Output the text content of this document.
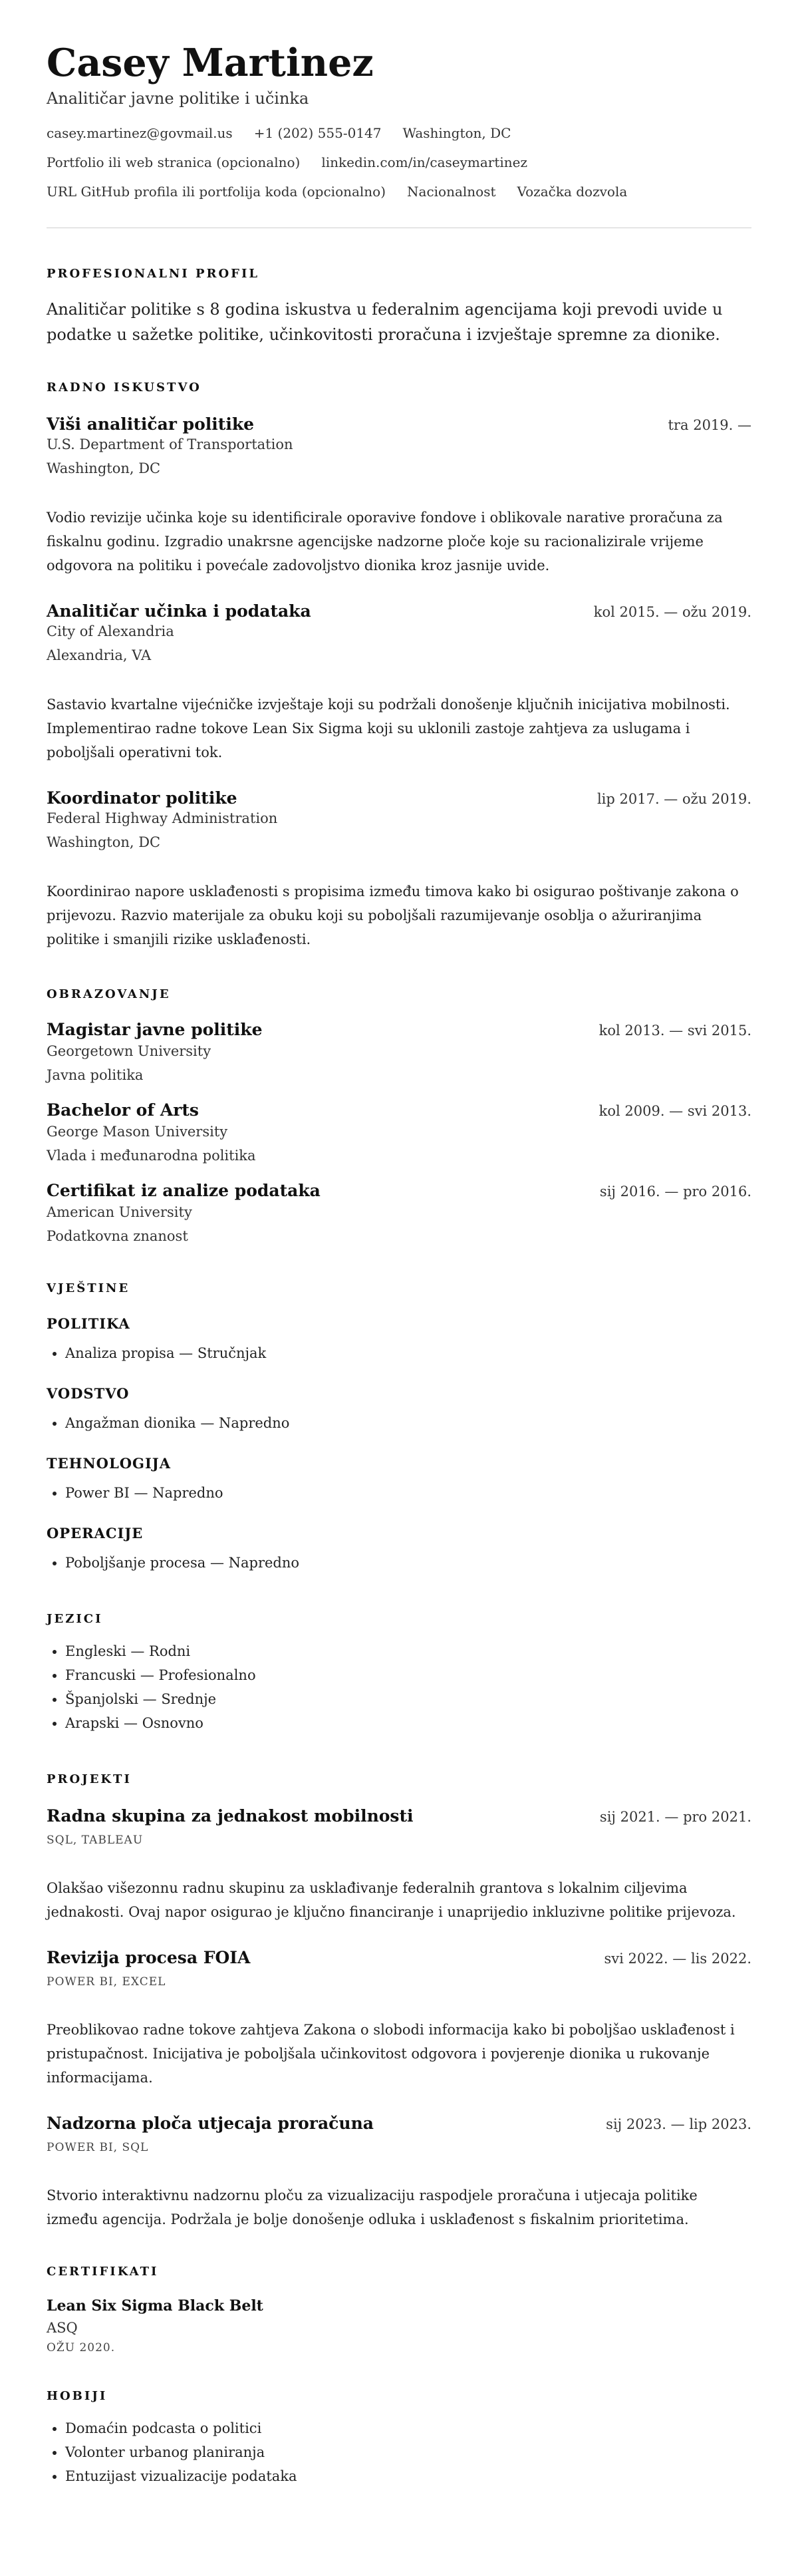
Casey Martinez
Analitičar javne politike i učinka
casey.martinez@govmail.us +1 (202) 555-0147 Washington, DC
Portfolio ili web stranica (opcionalno) linkedin.com/in/caseymartinez
URL GitHub profila ili portfolija koda (opcionalno) Nacionalnost Vozačka dozvola
PROFESIONALNI PROFIL

Analitičar politike s 8 godina iskustva u federalnim agencijama koji prevodi uvide u podatke u sažetke politike, učinkovitosti proračuna i izvještaje spremne za dionike.

RADNO ISKUSTVO
Viši analitičar politike	tra 2019. —
U.S. Department of Transportation
Washington, DC

Vodio revizije učinka koje su identificirale oporavive fondove i oblikovale narative proračuna za fiskalnu godinu. Izgradio unakrsne agencijske nadzorne ploče koje su racionalizirale vrijeme odgovora na politiku i povećale zadovoljstvo dionika kroz jasnije uvide.

Analitičar učinka i podataka	kol 2015. — ožu 2019.
City of Alexandria
Alexandria, VA

Sastavio kvartalne vijećničke izvještaje koji su podržali donošenje ključnih inicijativa mobilnosti. Implementirao radne tokove Lean Six Sigma koji su uklonili zastoje zahtjeva za uslugama i poboljšali operativni tok.

Koordinator politike	lip 2017. — ožu 2019.
Federal Highway Administration
Washington, DC

Koordinirao napore usklađenosti s propisima između timova kako bi osigurao poštivanje zakona o prijevozu. Razvio materijale za obuku koji su poboljšali razumijevanje osoblja o ažuriranjima politike i smanjili rizike usklađenosti.

OBRAZOVANJE
Magistar javne politike	kol 2013. — svi 2015.
Georgetown University
Javna politika
Bachelor of Arts	kol 2009. — svi 2013.
George Mason University
Vlada i međunarodna politika
Certifikat iz analize podataka	sij 2016. — pro 2016.
American University
Podatkovna znanost
VJEŠTINE
POLITIKA
• Analiza propisa — Stručnjak
VODSTVO
• Angažman dionika — Napredno
TEHNOLOGIJA
• Power BI — Napredno
OPERACIJE
• Poboljšanje procesa — Napredno
JEZICI
• Engleski — Rodni
• Francuski — Profesionalno
• Španjolski — Srednje
• Arapski — Osnovno
PROJEKTI
Radna skupina za jednakost mobilnosti	sij 2021. — pro 2021.
SQL, TABLEAU

Olakšao višezonnu radnu skupinu za usklađivanje federalnih grantova s lokalnim ciljevima jednakosti. Ovaj napor osigurao je ključno financiranje i unaprijedio inkluzivne politike prijevoza.

Revizija procesa FOIA	svi 2022. — lis 2022.
POWER BI, EXCEL

Preoblikovao radne tokove zahtjeva Zakona o slobodi informacija kako bi poboljšao usklađenost i pristupačnost. Inicijativa je poboljšala učinkovitost odgovora i povjerenje dionika u rukovanje informacijama.

Nadzorna ploča utjecaja proračuna	sij 2023. — lip 2023.
POWER BI, SQL

Stvorio interaktivnu nadzornu ploču za vizualizaciju raspodjele proračuna i utjecaja politike između agencija. Podržala je bolje donošenje odluka i usklađenost s fiskalnim prioritetima.

CERTIFIKATI
Lean Six Sigma Black Belt
ASQ
OŽU 2020.
HOBIJI
• Domaćin podcasta o politici
• Volonter urbanog planiranja
• Entuzijast vizualizacije podataka
